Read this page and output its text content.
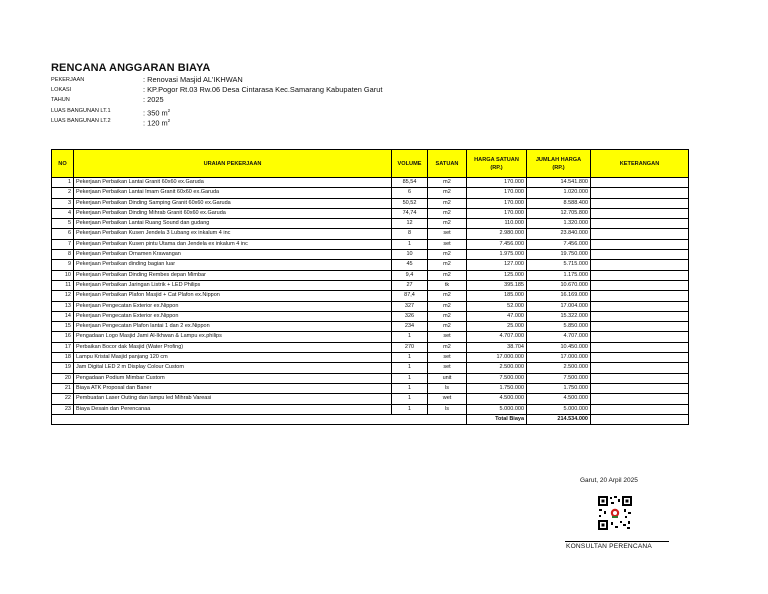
RENCANA ANGGARAN BIAYA
PEKERJAAN	: Renovasi Masjid AL'IKHWAN
LOKASI	: KP.Pogor Rt.03 Rw.06 Desa Cintarasa Kec.Samarang Kabupaten Garut
TAHUN	: 2025
LUAS BANGUNAN LT.1	: 350 $m^2$
LUAS BANGUNAN LT.2	: 120 $m^2$
NO	URAIAN PEKERJAAN	VOLUME	SATUAN	HARGA SATUAN (RP.)	JUMLAH HARGA (RP.)	KETERANGAN
1	Pekerjaan Perbaikan Lantai Granit 60x60 ex.Garuda	85,54	m2	170.000	14.541.800	
2	Pekerjaan Perbaikan Lantai Imam Granit 60x60 ex.Garuda	6	m2	170.000	1.020.000	
3	Pekerjaan Perbaikan Dinding Samping Granit 60x60 ex.Garuda	50,52	m2	170.000	8.588.400	
4	Pekerjaan Perbaikan Dinding Mihrab Granit 60x60 ex.Garuda	74,74	m2	170.000	12.705.800	
5	Pekerjaan Perbaikan Lantai Ruang Sound dan gudang	12	m2	110.000	1.320.000	
6	Pekerjaan Perbaikan Kusen Jendela 3 Lubang ex inkalum 4 inc	8	set	2.980.000	23.840.000	
7	Pekerjaan Perbaikan Kusen pintu Utama dan Jendela ex inkalum 4 inc	1	set	7.456.000	7.456.000	
8	Pekerjaan Perbaikan Ornamen Krawangan	10	m2	1.975.000	19.750.000	
9	Pekerjaan Perbaikan dinding bagian luar	45	m2	127.000	5.715.000	
10	Pekerjaan Perbaikan Dinding Rembes depan Mimbar	9,4	m2	125.000	1.175.000	
11	Pekerjaan Perbaikan Jaringan Listrik + LED Philips	27	tk	395.185	10.670.000	
12	Pekerjaan Perbaikan Plafon Masjid + Cat Plafon ex.Nippon	87,4	m2	185.000	16.169.000	
13	Pekerjaan Pengecatan Exterior ex.Nippon	327	m2	52.000	17.004.000	
14	Pekerjaan Pengecatan Exterior ex.Nippon	326	m2	47.000	15.322.000	
15	Pekerjaan Pengecatan Plafon lantai 1 dan 2 ex.Nippon	234	m2	25.000	5.850.000	
16	Pengadaan Logo Masjid Jami Al-Ikhwan & Lampu ex.philips	1	set	4.707.000	4.707.000	
17	Perbaikan Bocor dak Masjid (Water Profing)	270	m2	38.704	10.450.000	
18	Lampu Kristal Masjid panjang 120 cm	1	set	17.000.000	17.000.000	
19	Jam Digital LED 2 m Display Colour Custom	1	set	2.500.000	2.500.000	
20	Pengadaan Podium Mimbar Custom	1	unit	7.500.000	7.500.000	
21	Biaya ATK Proposal dan Baner	1	ls	1.750.000	1.750.000	
22	Pembuatan Laser Outing dan lampu led Mihrab Vareasi	1	wet	4.500.000	4.500.000	
23	Biaya Desain dan Perencanaa	1	ls	5.000.000	5.000.000	
				Total Biaya	214.534.000	
Garut, 20 Arpil 2025
KONSULTAN PERENCANA
